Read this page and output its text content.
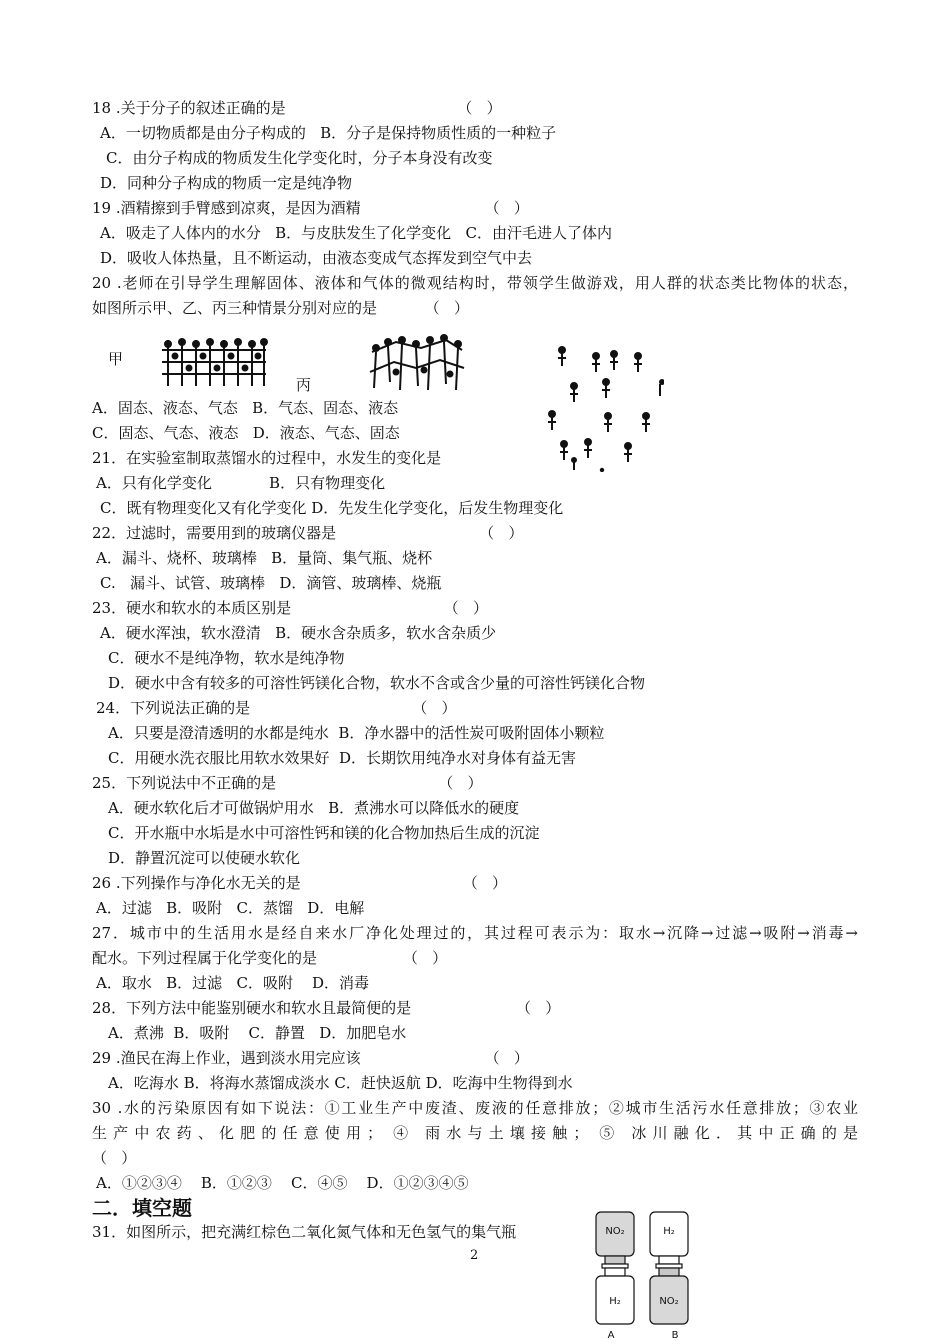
18 .关于分子的叙述正确的是                                    （   ）
A．一切物质都是由分子构成的   B．分子是保持物质性质的一种粒子
C．由分子构成的物质发生化学变化时，分子本身没有改变
D．同种分子构成的物质一定是纯净物
19 .酒精擦到手臂感到凉爽，是因为酒精                          （   ）
A．吸走了人体内的水分   B．与皮肤发生了化学变化   C．由汗毛进人了体内
D．吸收人体热量，且不断运动，由液态变成气态挥发到空气中去
20 .老师在引导学生理解固体、液体和气体的微观结构时，带领学生做游戏，用人群的状态类比物体的状态，
如图所示甲、乙、丙三种情景分别对应的是          （   ）
甲
丙
A．固态、液态、气态   B．气态、固态、液态
C．固态、气态、液态   D．液态、气态、固态
21．在实验室制取蒸馏水的过程中，水发生的变化是
A．只有化学变化            B．只有物理变化
C．既有物理变化又有化学变化 D．先发生化学变化，后发生物理变化
22．过滤时，需要用到的玻璃仪器是                              （   ）
A．漏斗、烧杯、玻璃棒   B．量筒、集气瓶、烧杯
C.   漏斗、试管、玻璃棒   D．滴管、玻璃棒、烧瓶
23．硬水和软水的本质区别是                                （   ）
A．硬水浑浊，软水澄清   B．硬水含杂质多，软水含杂质少
C．硬水不是纯净物，软水是纯净物
D．硬水中含有较多的可溶性钙镁化合物，软水不含或含少量的可溶性钙镁化合物
24．下列说法正确的是                                  （   ）
A．只要是澄清透明的水都是纯水  B．净水器中的活性炭可吸附固体小颗粒
C．用硬水洗衣服比用软水效果好  D．长期饮用纯净水对身体有益无害
25．下列说法中不正确的是                                  （   ）
A．硬水软化后才可做锅炉用水   B．煮沸水可以降低水的硬度
C．开水瓶中水垢是水中可溶性钙和镁的化合物加热后生成的沉淀
D．静置沉淀可以使硬水软化
26 .下列操作与净化水无关的是                                  （   ）
A．过滤   B．吸附   C．蒸馏   D．电解
27．城市中的生活用水是经自来水厂净化处理过的，其过程可表示为：取水→沉降→过滤→吸附→消毒→
配水。下列过程属于化学变化的是                  （   ）
A．取水   B．过滤   C．吸附    D．消毒
28．下列方法中能鉴别硬水和软水且最简便的是                      （   ）
A．煮沸  B．吸附    C．静置   D．加肥皂水
29 .渔民在海上作业，遇到淡水用完应该                          （   ）
A．吃海水 B．将海水蒸馏成淡水 C．赶快返航 D．吃海中生物得到水
30 .水的污染原因有如下说法：①工业生产中废渣、废液的任意排放；②城市生活污水任意排放；③农业
生产中农药、化肥的任意使用； ④ 雨水与土壤接触； ⑤ 冰川融化．其中正确的是
（   ）
A．①②③④    B．①②③    C．④⑤    D．①②③④⑤
二．填空题
31．如图所示，把充满红棕色二氧化氮气体和无色氢气的集气瓶
2
NO₂
H₂
H₂
NO₂
A	B
